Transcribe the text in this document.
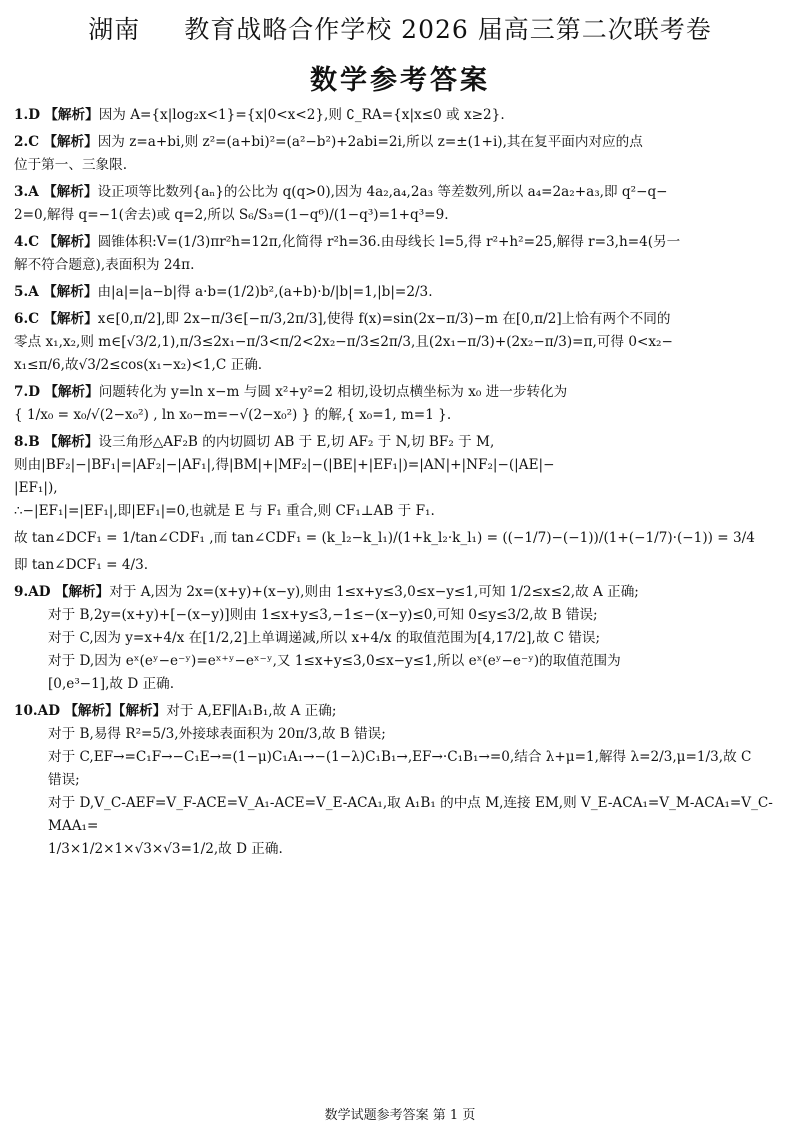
湖南 教育战略合作学校 2026 届高三第二次联考卷
数学参考答案
1.D 【解析】因为 A={x|log₂x<1}={x|0<x<2},则 ∁_RA={x|x≤0 或 x≥2}.
2.C 【解析】因为 z=a+bi,则 z²=(a+bi)²=(a²−b²)+2abi=2i,所以 z=±(1+i),其在复平面内对应的点
位于第一、三象限.
3.A 【解析】设正项等比数列{aₙ}的公比为 q(q>0),因为 4a₂,a₄,2a₃ 等差数列,所以 a₄=2a₂+a₃,即 q²−q−
2=0,解得 q=−1(舍去)或 q=2,所以 S₆/S₃=(1−q⁶)/(1−q³)=1+q³=9.
4.C 【解析】圆锥体积:V=(1/3)πr²h=12π,化简得 r²h=36.由母线长 l=5,得 r²+h²=25,解得 r=3,h=4(另一
解不符合题意),表面积为 24π.
5.A 【解析】由|a|=|a−b|得 a·b=(1/2)b²,(a+b)·b/|b|=1,|b|=2/3.
6.C 【解析】x∈[0,π/2],即 2x−π/3∈[−π/3,2π/3],使得 f(x)=sin(2x−π/3)−m 在[0,π/2]上恰有两个不同的
零点 x₁,x₂,则 m∈[√3/2,1),π/3≤2x₁−π/3<π/2<2x₂−π/3≤2π/3,且(2x₁−π/3)+(2x₂−π/3)=π,可得 0<x₂−
x₁≤π/6,故√3/2≤cos(x₁−x₂)<1,C 正确.
7.D 【解析】问题转化为 y=ln x−m 与圆 x²+y²=2 相切,设切点横坐标为 x₀ 进一步转化为
{ 1/x₀ = x₀/√(2−x₀²) , ln x₀−m=−√(2−x₀²) } 的解,{ x₀=1, m=1 }.
8.B 【解析】设三角形△AF₂B 的内切圆切 AB 于 E,切 AF₂ 于 N,切 BF₂ 于 M,
则由|BF₂|−|BF₁|=|AF₂|−|AF₁|,得|BM|+|MF₂|−(|BE|+|EF₁|)=|AN|+|NF₂|−(|AE|−
|EF₁|),
∴−|EF₁|=|EF₁|,即|EF₁|=0,也就是 E 与 F₁ 重合,则 CF₁⊥AB 于 F₁.
故 tan∠DCF₁ = 1/tan∠CDF₁ ,而 tan∠CDF₁ = (k_l₂−k_l₁)/(1+k_l₂·k_l₁) = ((−1/7)−(−1))/(1+(−1/7)·(−1)) = 3/4
即 tan∠DCF₁ = 4/3.
9.AD 【解析】对于 A,因为 2x=(x+y)+(x−y),则由 1≤x+y≤3,0≤x−y≤1,可知 1/2≤x≤2,故 A 正确;
对于 B,2y=(x+y)+[−(x−y)]则由 1≤x+y≤3,−1≤−(x−y)≤0,可知 0≤y≤3/2,故 B 错误;
对于 C,因为 y=x+4/x 在[1/2,2]上单调递减,所以 x+4/x 的取值范围为[4,17/2],故 C 错误;
对于 D,因为 eˣ(eʸ−e⁻ʸ)=eˣ⁺ʸ−eˣ⁻ʸ,又 1≤x+y≤3,0≤x−y≤1,所以 eˣ(eʸ−e⁻ʸ)的取值范围为
[0,e³−1],故 D 正确.
10.AD 【解析】【解析】对于 A,EF∥A₁B₁,故 A 正确;
对于 B,易得 R²=5/3,外接球表面积为 20π/3,故 B 错误;
对于 C,EF→=C₁F→−C₁E→=(1−μ)C₁A₁→−(1−λ)C₁B₁→,EF→·C₁B₁→=0,结合 λ+μ=1,解得 λ=2/3,μ=1/3,故 C
错误;
对于 D,V_C-AEF=V_F-ACE=V_A₁-ACE=V_E-ACA₁,取 A₁B₁ 的中点 M,连接 EM,则 V_E-ACA₁=V_M-ACA₁=V_C-MAA₁=
1/3×1/2×1×√3×√3=1/2,故 D 正确.
数学试题参考答案 第 1 页
